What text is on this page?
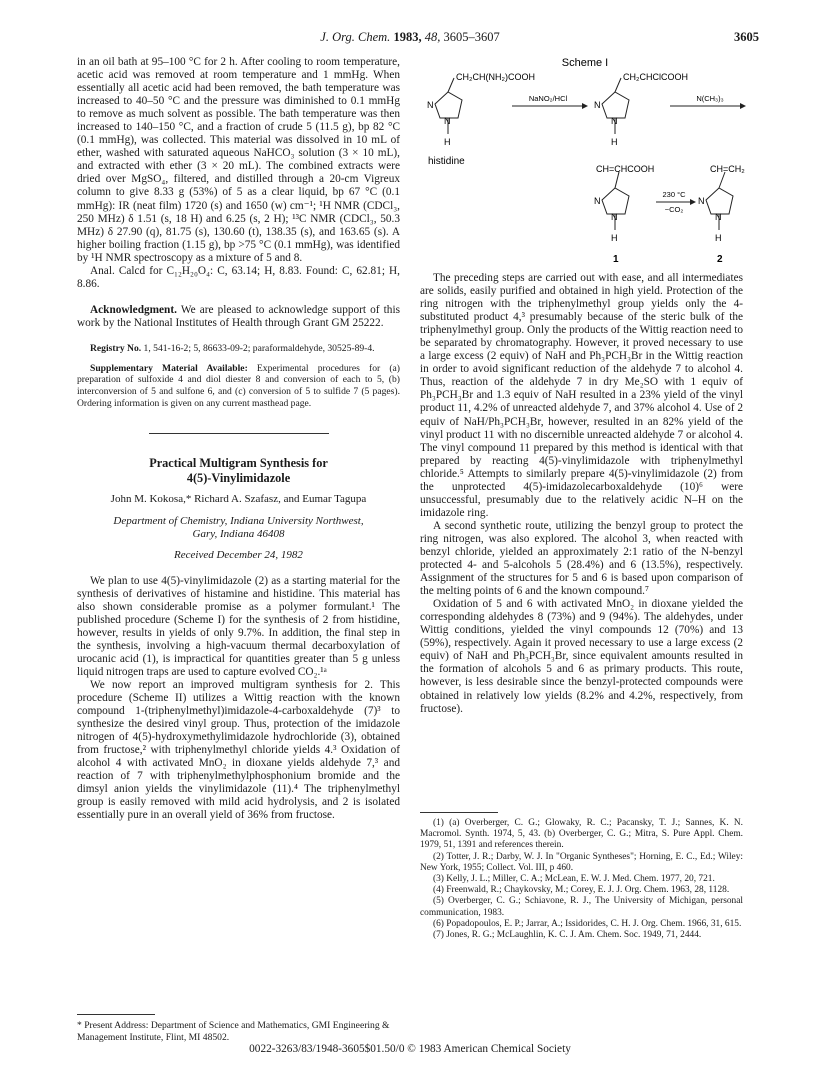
J. Org. Chem. 1983, 48, 3605–3607	3605

in an oil bath at 95–100 °C for 2 h. After cooling to room temperature, acetic acid was removed at room temperature and 1 mmHg. When essentially all acetic acid had been removed, the bath temperature was increased to 40–50 °C and the pressure was diminished to 0.1 mmHg to remove as much solvent as possible. The bath temperature was then increased to 140–150 °C, and a fraction of crude 5 (11.5 g), bp 82 °C (0.1 mmHg), was collected. This material was dissolved in 10 mL of ether, washed with saturated aqueous NaHCO₃ solution (3 × 10 mL), and extracted with ether (3 × 20 mL). The combined extracts were dried over MgSO₄, filtered, and distilled through a 20-cm Vigreux column to give 8.33 g (53%) of 5 as a clear liquid, bp 67 °C (0.1 mmHg): IR (neat film) 1720 (s) and 1650 (w) cm⁻¹; ¹H NMR (CDCl₃, 250 MHz) δ 1.51 (s, 18 H) and 6.25 (s, 2 H); ¹³C NMR (CDCl₃, 50.3 MHz) δ 27.90 (q), 81.75 (s), 130.60 (t), 138.35 (s), and 163.65 (s). A higher boiling fraction (1.15 g), bp >75 °C (0.1 mmHg), was identified by ¹H NMR spectroscopy as a mixture of 5 and 8.

Anal. Calcd for C₁₂H₂₀O₄: C, 63.14; H, 8.83. Found: C, 62.81; H, 8.86.

Acknowledgment. We are pleased to acknowledge support of this work by the National Institutes of Health through Grant GM 25222.

Registry No. 1, 541-16-2; 5, 86633-09-2; paraformaldehyde, 30525-89-4.

Supplementary Material Available: Experimental procedures for (a) preparation of sulfoxide 4 and diol diester 8 and conversion of each to 5, (b) interconversion of 5 and sulfone 6, and (c) conversion of 5 to sulfide 7 (5 pages). Ordering information is given on any current masthead page.

Practical Multigram Synthesis for
4(5)-Vinylimidazole
John M. Kokosa,* Richard A. Szafasz, and Eumar Tagupa
Department of Chemistry, Indiana University Northwest,
Gary, Indiana 46408
Received December 24, 1982

We plan to use 4(5)-vinylimidazole (2) as a starting material for the synthesis of derivatives of histamine and histidine. This material has also shown considerable promise as a polymer formulant.¹ The published procedure (Scheme I) for the synthesis of 2 from histidine, however, results in yields of only 9.7%. In addition, the final step in the synthesis, involving a high-vacuum thermal decarboxylation of urocanic acid (1), is impractical for quantities greater than 5 g unless liquid nitrogen traps are used to capture evolved CO₂.¹ᵃ

We now report an improved multigram synthesis for 2. This procedure (Scheme II) utilizes a Wittig reaction with the known compound 1-(triphenylmethyl)imidazole-4-carboxaldehyde (7)³ to synthesize the desired vinyl group. Thus, protection of the imidazole nitrogen of 4(5)-hydroxymethylimidazole hydrochloride (3), obtained from fructose,² with triphenylmethyl chloride yields 4.³ Oxidation of alcohol 4 with activated MnO₂ in dioxane yields aldehyde 7,³ and reaction of 7 with triphenylmethylphosphonium bromide and the dimsyl anion yields the vinylimidazole (11).⁴ The triphenylmethyl group is easily removed with mild acid hydrolysis, and 2 is isolated essentially pure in an overall yield of 36% from fructose.

* Present Address: Department of Science and Mathematics, GMI Engineering & Management Institute, Flint, MI 48502.
Scheme I
CH₂CH(NH₂)COOH
N
N
H
histidine
NaNO₂/HCl
CH₂CHClCOOH
N
N
H
N(CH₃)₃
CH=CHCOOH
N
N
H
1
230 °C
−CO₂
CH=CH₂
N
N
H
2

The preceding steps are carried out with ease, and all intermediates are solids, easily purified and obtained in high yield. Protection of the ring nitrogen with the triphenylmethyl group yields only the 4-substituted product 4,³ presumably because of the steric bulk of the triphenylmethyl group. Only the products of the Wittig reaction need to be separated by chromatography. However, it proved necessary to use a large excess (2 equiv) of NaH and Ph₃PCH₃Br in the Wittig reaction in order to avoid significant reduction of the aldehyde 7 to alcohol 4. Thus, reaction of the aldehyde 7 in dry Me₂SO with 1 equiv of Ph₃PCH₃Br and 1.3 equiv of NaH resulted in a 23% yield of the vinyl product 11, 4.2% of unreacted aldehyde 7, and 37% alcohol 4. Use of 2 equiv of NaH/Ph₃PCH₃Br, however, resulted in an 82% yield of the vinyl product 11 with no discernible unreacted aldehyde 7 or alcohol 4. The vinyl compound 11 prepared by this method is identical with that prepared by reacting 4(5)-vinylimidazole with triphenylmethyl chloride.⁵ Attempts to similarly prepare 4(5)-vinylimidazole (2) from the unprotected 4(5)-imidazolecarboxaldehyde (10)⁶ were unsuccessful, presumably due to the relatively acidic N–H on the imidazole ring.

A second synthetic route, utilizing the benzyl group to protect the ring nitrogen, was also explored. The alcohol 3, when reacted with benzyl chloride, yielded an approximately 2:1 ratio of the N-benzyl protected 4- and 5-alcohols 5 (28.4%) and 6 (13.5%), respectively. Assignment of the structures for 5 and 6 is based upon comparison of the melting points of 6 and the known compound.⁷

Oxidation of 5 and 6 with activated MnO₂ in dioxane yielded the corresponding aldehydes 8 (73%) and 9 (94%). The aldehydes, under Wittig conditions, yielded the vinyl compounds 12 (70%) and 13 (59%), respectively. Again it proved necessary to use a large excess (2 equiv) of NaH and Ph₃PCH₃Br, since equivalent amounts resulted in the formation of alcohols 5 and 6 as primary products. This route, however, is less desirable since the benzyl-protected compounds were obtained in relatively low yields (8.2% and 4.2%, respectively, from fructose).

(1) (a) Overberger, C. G.; Glowaky, R. C.; Pacansky, T. J.; Sannes, K. N. Macromol. Synth. 1974, 5, 43. (b) Overberger, C. G.; Mitra, S. Pure Appl. Chem. 1979, 51, 1391 and references therein.

(2) Totter, J. R.; Darby, W. J. In "Organic Syntheses"; Horning, E. C., Ed.; Wiley: New York, 1955; Collect. Vol. III, p 460.

(3) Kelly, J. L.; Miller, C. A.; McLean, E. W. J. Med. Chem. 1977, 20, 721.

(4) Freenwald, R.; Chaykovsky, M.; Corey, E. J. J. Org. Chem. 1963, 28, 1128.

(5) Overberger, C. G.; Schiavone, R. J., The University of Michigan, personal communication, 1983.

(6) Popadopoulos, E. P.; Jarrar, A.; Issidorides, C. H. J. Org. Chem. 1966, 31, 615.

(7) Jones, R. G.; McLaughlin, K. C. J. Am. Chem. Soc. 1949, 71, 2444.

0022-3263/83/1948-3605$01.50/0 © 1983 American Chemical Society
